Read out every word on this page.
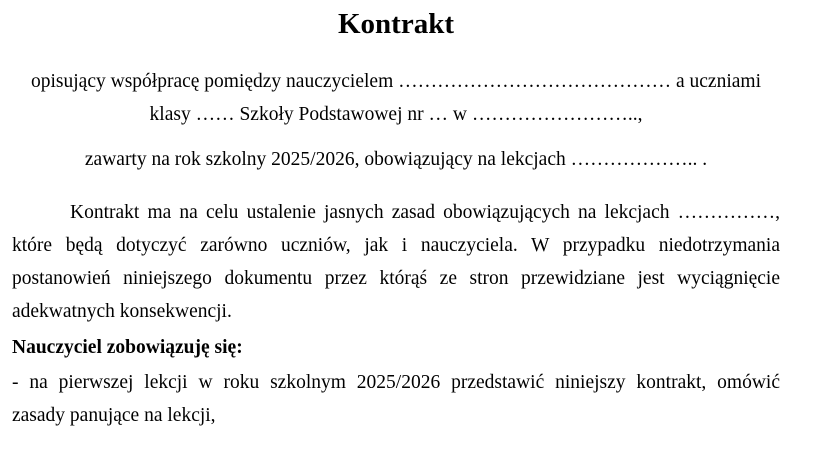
Kontrakt
opisujący współpracę pomiędzy nauczycielem …………………………………… a uczniami
klasy …… Szkoły Podstawowej nr … w ……………………..,
zawarty na rok szkolny 2025/2026, obowiązujący na lekcjach ……………….. .
Kontrakt ma na celu ustalenie jasnych zasad obowiązujących na lekcjach ……………,
które będą dotyczyć zarówno uczniów, jak i nauczyciela. W przypadku niedotrzymania
postanowień niniejszego dokumentu przez którąś ze stron przewidziane jest wyciągnięcie
adekwatnych konsekwencji.
Nauczyciel zobowiązuję się:
- na pierwszej lekcji w roku szkolnym 2025/2026 przedstawić niniejszy kontrakt, omówić
zasady panujące na lekcji,
